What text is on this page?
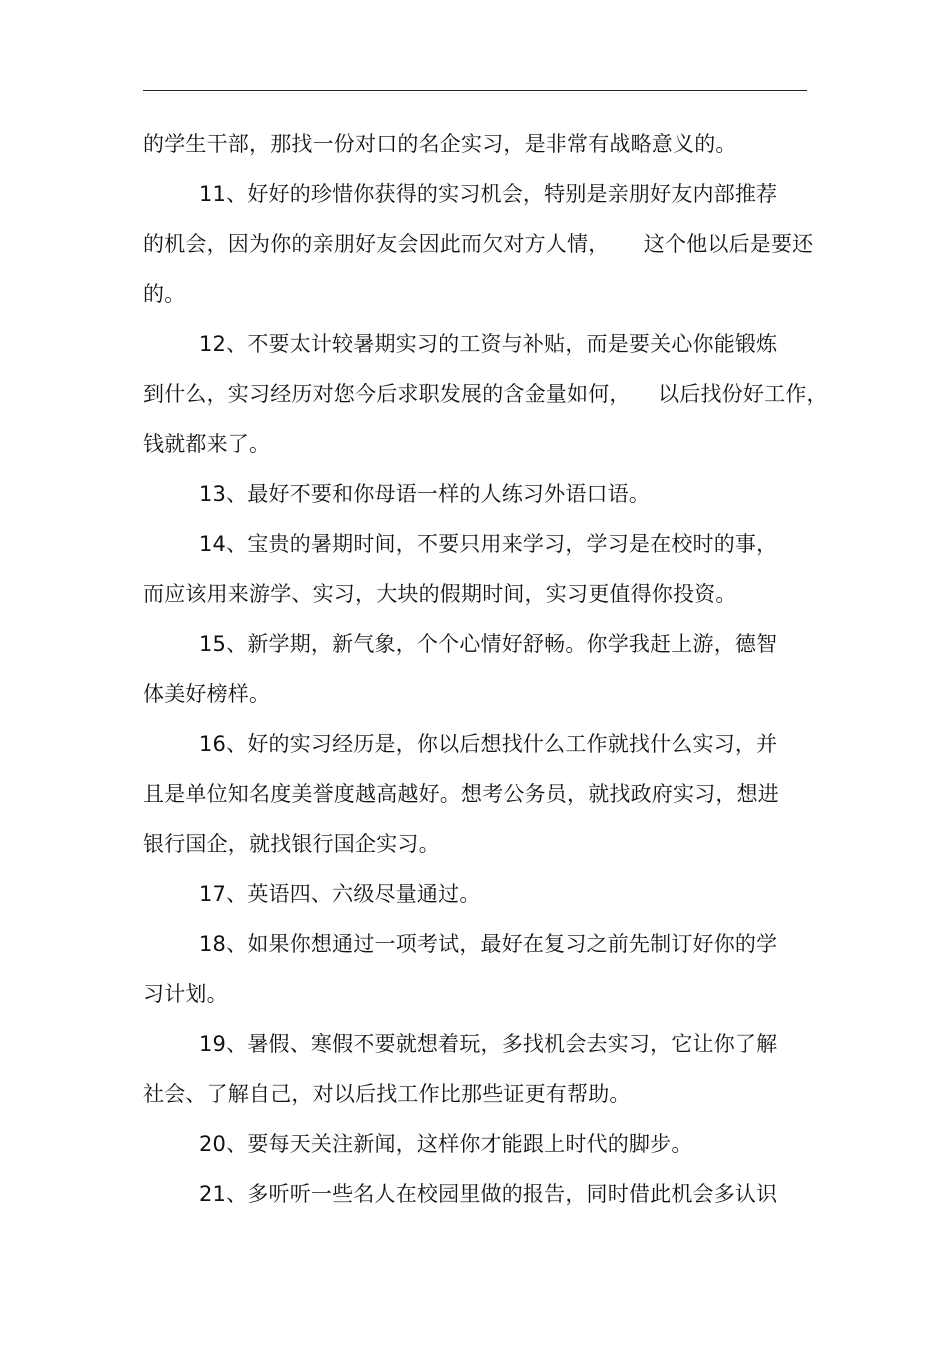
的学生干部，那找一份对口的名企实习，是非常有战略意义的。
11、好好的珍惜你获得的实习机会，特别是亲朋好友内部推荐
的机会，因为你的亲朋好友会因此而欠对方人情，     这个他以后是要还
的。
12、不要太计较暑期实习的工资与补贴，而是要关心你能锻炼
到什么，实习经历对您今后求职发展的含金量如何，    以后找份好工作，
钱就都来了。
13、最好不要和你母语一样的人练习外语口语。
14、宝贵的暑期时间，不要只用来学习，学习是在校时的事，
而应该用来游学、实习，大块的假期时间，实习更值得你投资。
15、新学期，新气象，个个心情好舒畅。你学我赶上游，德智
体美好榜样。
16、好的实习经历是，你以后想找什么工作就找什么实习，并
且是单位知名度美誉度越高越好。想考公务员，就找政府实习，想进
银行国企，就找银行国企实习。
17、英语四、六级尽量通过。
18、如果你想通过一项考试，最好在复习之前先制订好你的学
习计划。
19、暑假、寒假不要就想着玩，多找机会去实习，它让你了解
社会、了解自己，对以后找工作比那些证更有帮助。
20、要每天关注新闻，这样你才能跟上时代的脚步。
21、多听听一些名人在校园里做的报告，同时借此机会多认识
